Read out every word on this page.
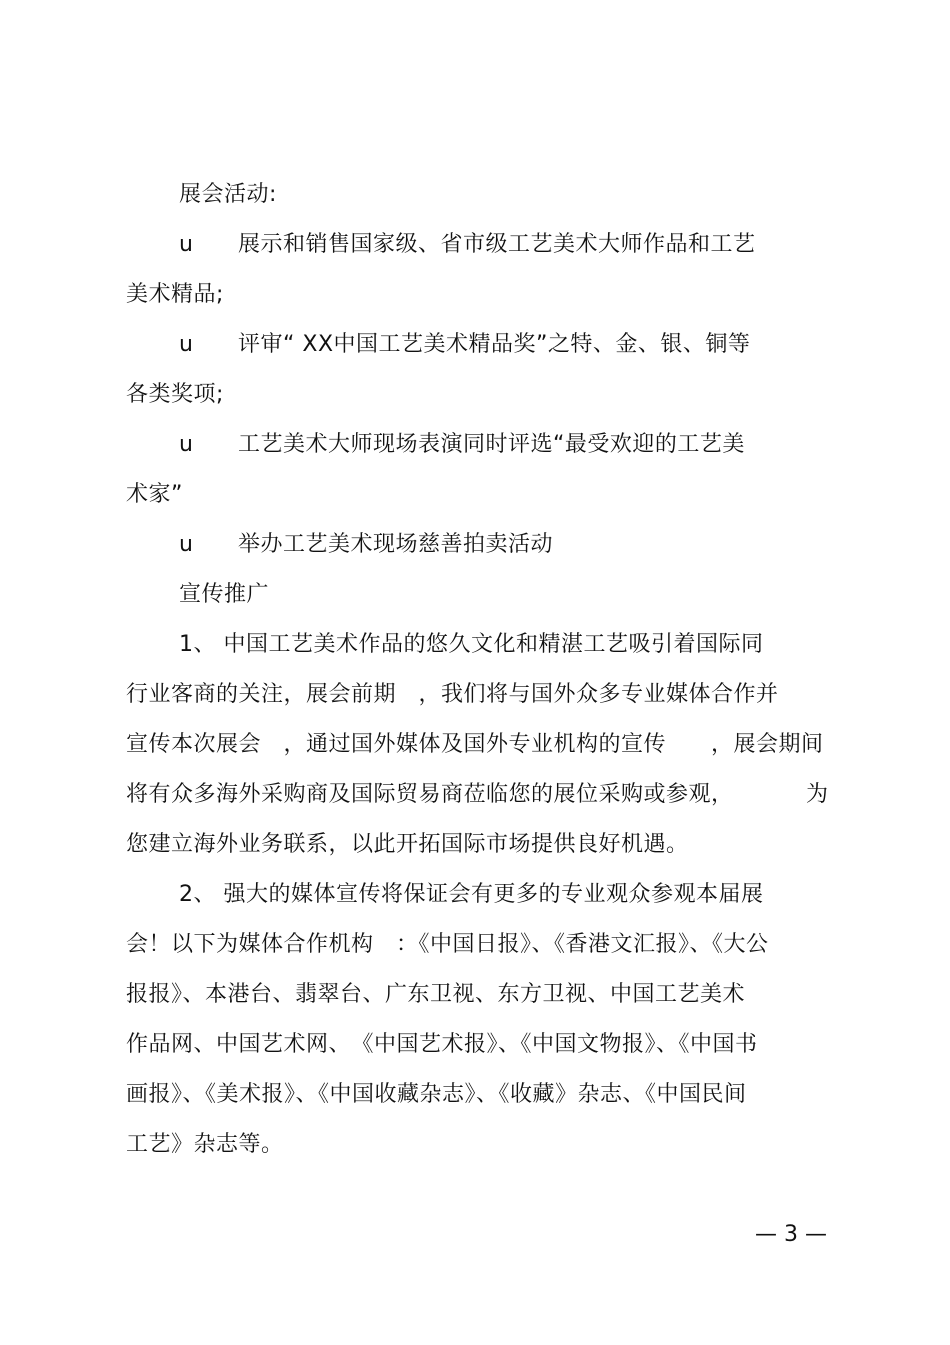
展会活动:
u 展示和销售国家级、省市级工艺美术大师作品和工艺
美术精品;
u 评审“ XX中国工艺美术精品奖”之特、金、银、铜等
各类奖项;
u 工艺美术大师现场表演同时评选“最受欢迎的工艺美
术家”
u 举办工艺美术现场慈善拍卖活动
宣传推广
1、 中国工艺美术作品的悠久文化和精湛工艺吸引着国际同
行业客商的关注，展会前期　，我们将与国外众多专业媒体合作并
宣传本次展会　，通过国外媒体及国外专业机构的宣传　　，展会期间
将有众多海外采购商及国际贸易商莅临您的展位采购或参观，	为
您建立海外业务联系，以此开拓国际市场提供良好机遇。
2、 强大的媒体宣传将保证会有更多的专业观众参观本届展
会！以下为媒体合作机构　：《中国日报》、《香港文汇报》、《大公
报报》、本港台、翡翠台、广东卫视、东方卫视、中国工艺美术
作品网、中国艺术网、　《中国艺术报》、《中国文物报》、《中国书
画报》、《美术报》、《中国收藏杂志》、《收藏》杂志、《中国民间
工艺》杂志等。
— 3 —
